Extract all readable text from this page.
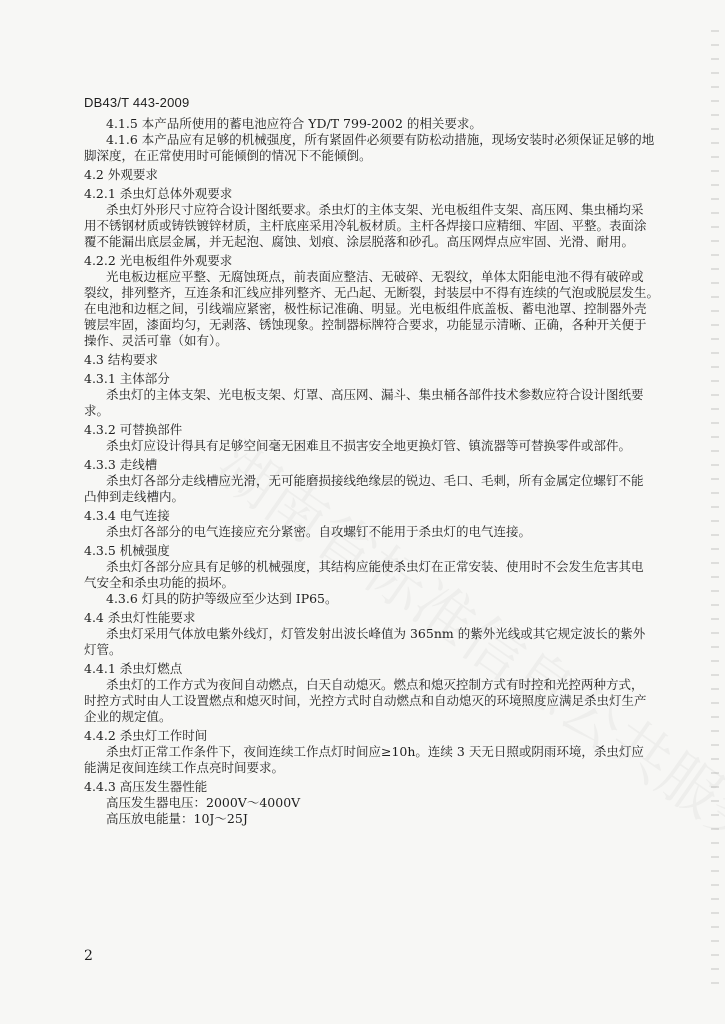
DB43/T 443-2009
4.1.5 本产品所使用的蓄电池应符合 YD/T 799-2002 的相关要求。
4.1.6 本产品应有足够的机械强度，所有紧固件必须要有防松动措施，现场安装时必须保证足够的地
脚深度，在正常使用时可能倾倒的情况下不能倾倒。
4.2 外观要求
4.2.1 杀虫灯总体外观要求
杀虫灯外形尺寸应符合设计图纸要求。杀虫灯的主体支架、光电板组件支架、高压网、集虫桶均采
用不锈钢材质或铸铁镀锌材质，主杆底座采用冷轧板材质。主杆各焊接口应精细、牢固、平整。表面涂
覆不能漏出底层金属，并无起泡、腐蚀、划痕、涂层脱落和砂孔。高压网焊点应牢固、光滑、耐用。
4.2.2 光电板组件外观要求
光电板边框应平整、无腐蚀斑点，前表面应整洁、无破碎、无裂纹，单体太阳能电池不得有破碎或
裂纹，排列整齐，互连条和汇线应排列整齐、无凸起、无断裂，封装层中不得有连续的气泡或脱层发生。
在电池和边框之间，引线端应紧密，极性标记准确、明显。光电板组件底盖板、蓄电池罩、控制器外壳
镀层牢固，漆面均匀，无剥落、锈蚀现象。控制器标牌符合要求，功能显示清晰、正确，各种开关便于
操作、灵活可靠（如有）。
4.3 结构要求
4.3.1 主体部分
杀虫灯的主体支架、光电板支架、灯罩、高压网、漏斗、集虫桶各部件技术参数应符合设计图纸要
求。
4.3.2 可替换部件
杀虫灯应设计得具有足够空间毫无困难且不损害安全地更换灯管、镇流器等可替换零件或部件。
4.3.3 走线槽
杀虫灯各部分走线槽应光滑，无可能磨损接线绝缘层的锐边、毛口、毛刺，所有金属定位螺钉不能
凸伸到走线槽内。
4.3.4 电气连接
杀虫灯各部分的电气连接应充分紧密。自攻螺钉不能用于杀虫灯的电气连接。
4.3.5 机械强度
杀虫灯各部分应具有足够的机械强度，其结构应能使杀虫灯在正常安装、使用时不会发生危害其电
气安全和杀虫功能的损坏。
4.3.6 灯具的防护等级应至少达到 IP65。
4.4 杀虫灯性能要求
杀虫灯采用气体放电紫外线灯，灯管发射出波长峰值为 365nm 的紫外光线或其它规定波长的紫外
灯管。
4.4.1 杀虫灯燃点
杀虫灯的工作方式为夜间自动燃点，白天自动熄灭。燃点和熄灭控制方式有时控和光控两种方式，
时控方式时由人工设置燃点和熄灭时间，光控方式时自动燃点和自动熄灭的环境照度应满足杀虫灯生产
企业的规定值。
4.4.2 杀虫灯工作时间
杀虫灯正常工作条件下，夜间连续工作点灯时间应≥10h。连续 3 天无日照或阴雨环境，杀虫灯应
能满足夜间连续工作点亮时间要求。
4.4.3 高压发生器性能
高压发生器电压：2000V～4000V
高压放电能量：10J～25J
2
